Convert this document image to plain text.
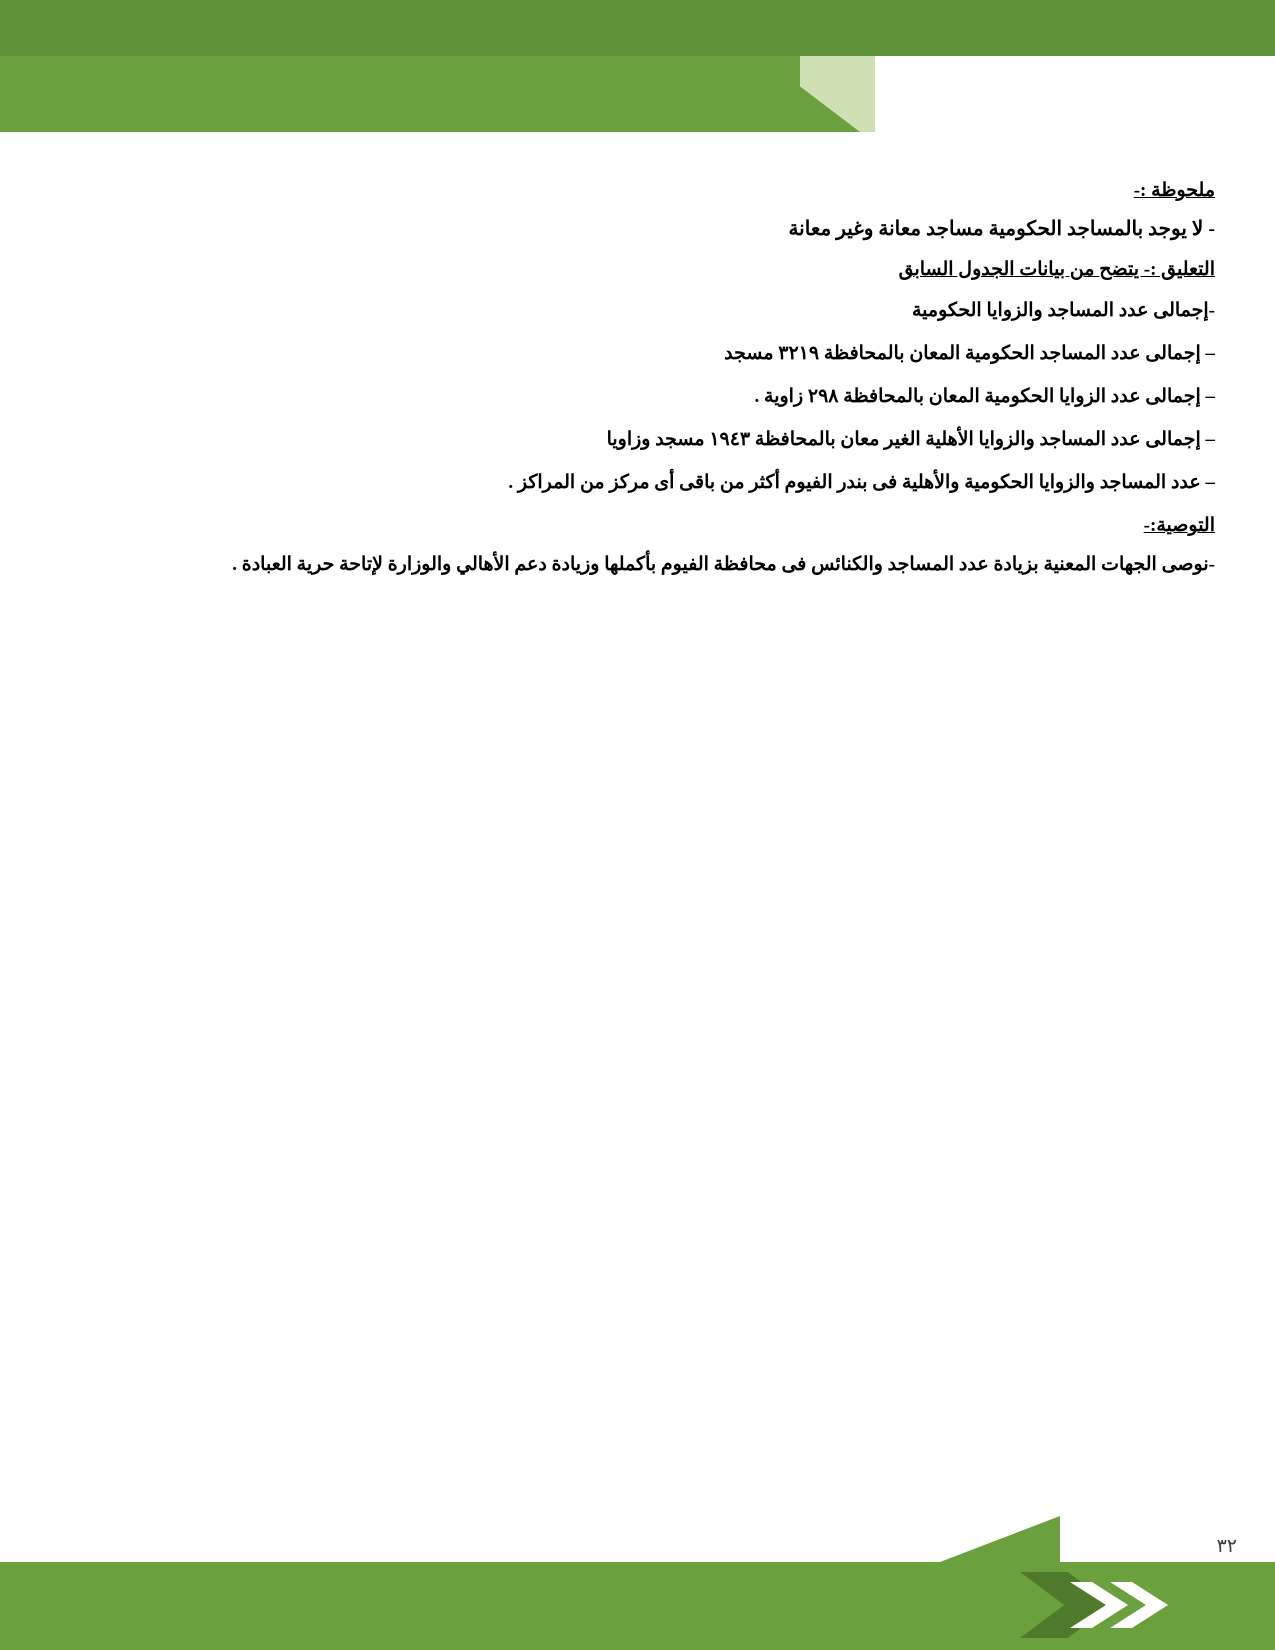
ملحوظة :-
- لا يوجد بالمساجد الحكومية مساجد معانة وغير معانة
التعليق :- يتضح من بيانات الجدول السابق
-إجمالى عدد المساجد والزوايا الحكومية
– إجمالى عدد المساجد الحكومية المعان بالمحافظة ٣٢١٩ مسجد
– إجمالى عدد الزوايا الحكومية المعان بالمحافظة ٢٩٨ زاوية .
– إجمالى عدد المساجد والزوايا الأهلية الغير معان بالمحافظة ١٩٤٣ مسجد وزاويا
– عدد المساجد والزوايا الحكومية والأهلية فى بندر الفيوم أكثر من باقى أى مركز من المراكز .
التوصية:-
-نوصى الجهات المعنية بزيادة عدد المساجد والكنائس فى محافظة الفيوم بأكملها وزيادة دعم الأهالي والوزارة لإتاحة حرية العبادة .
٣٢
